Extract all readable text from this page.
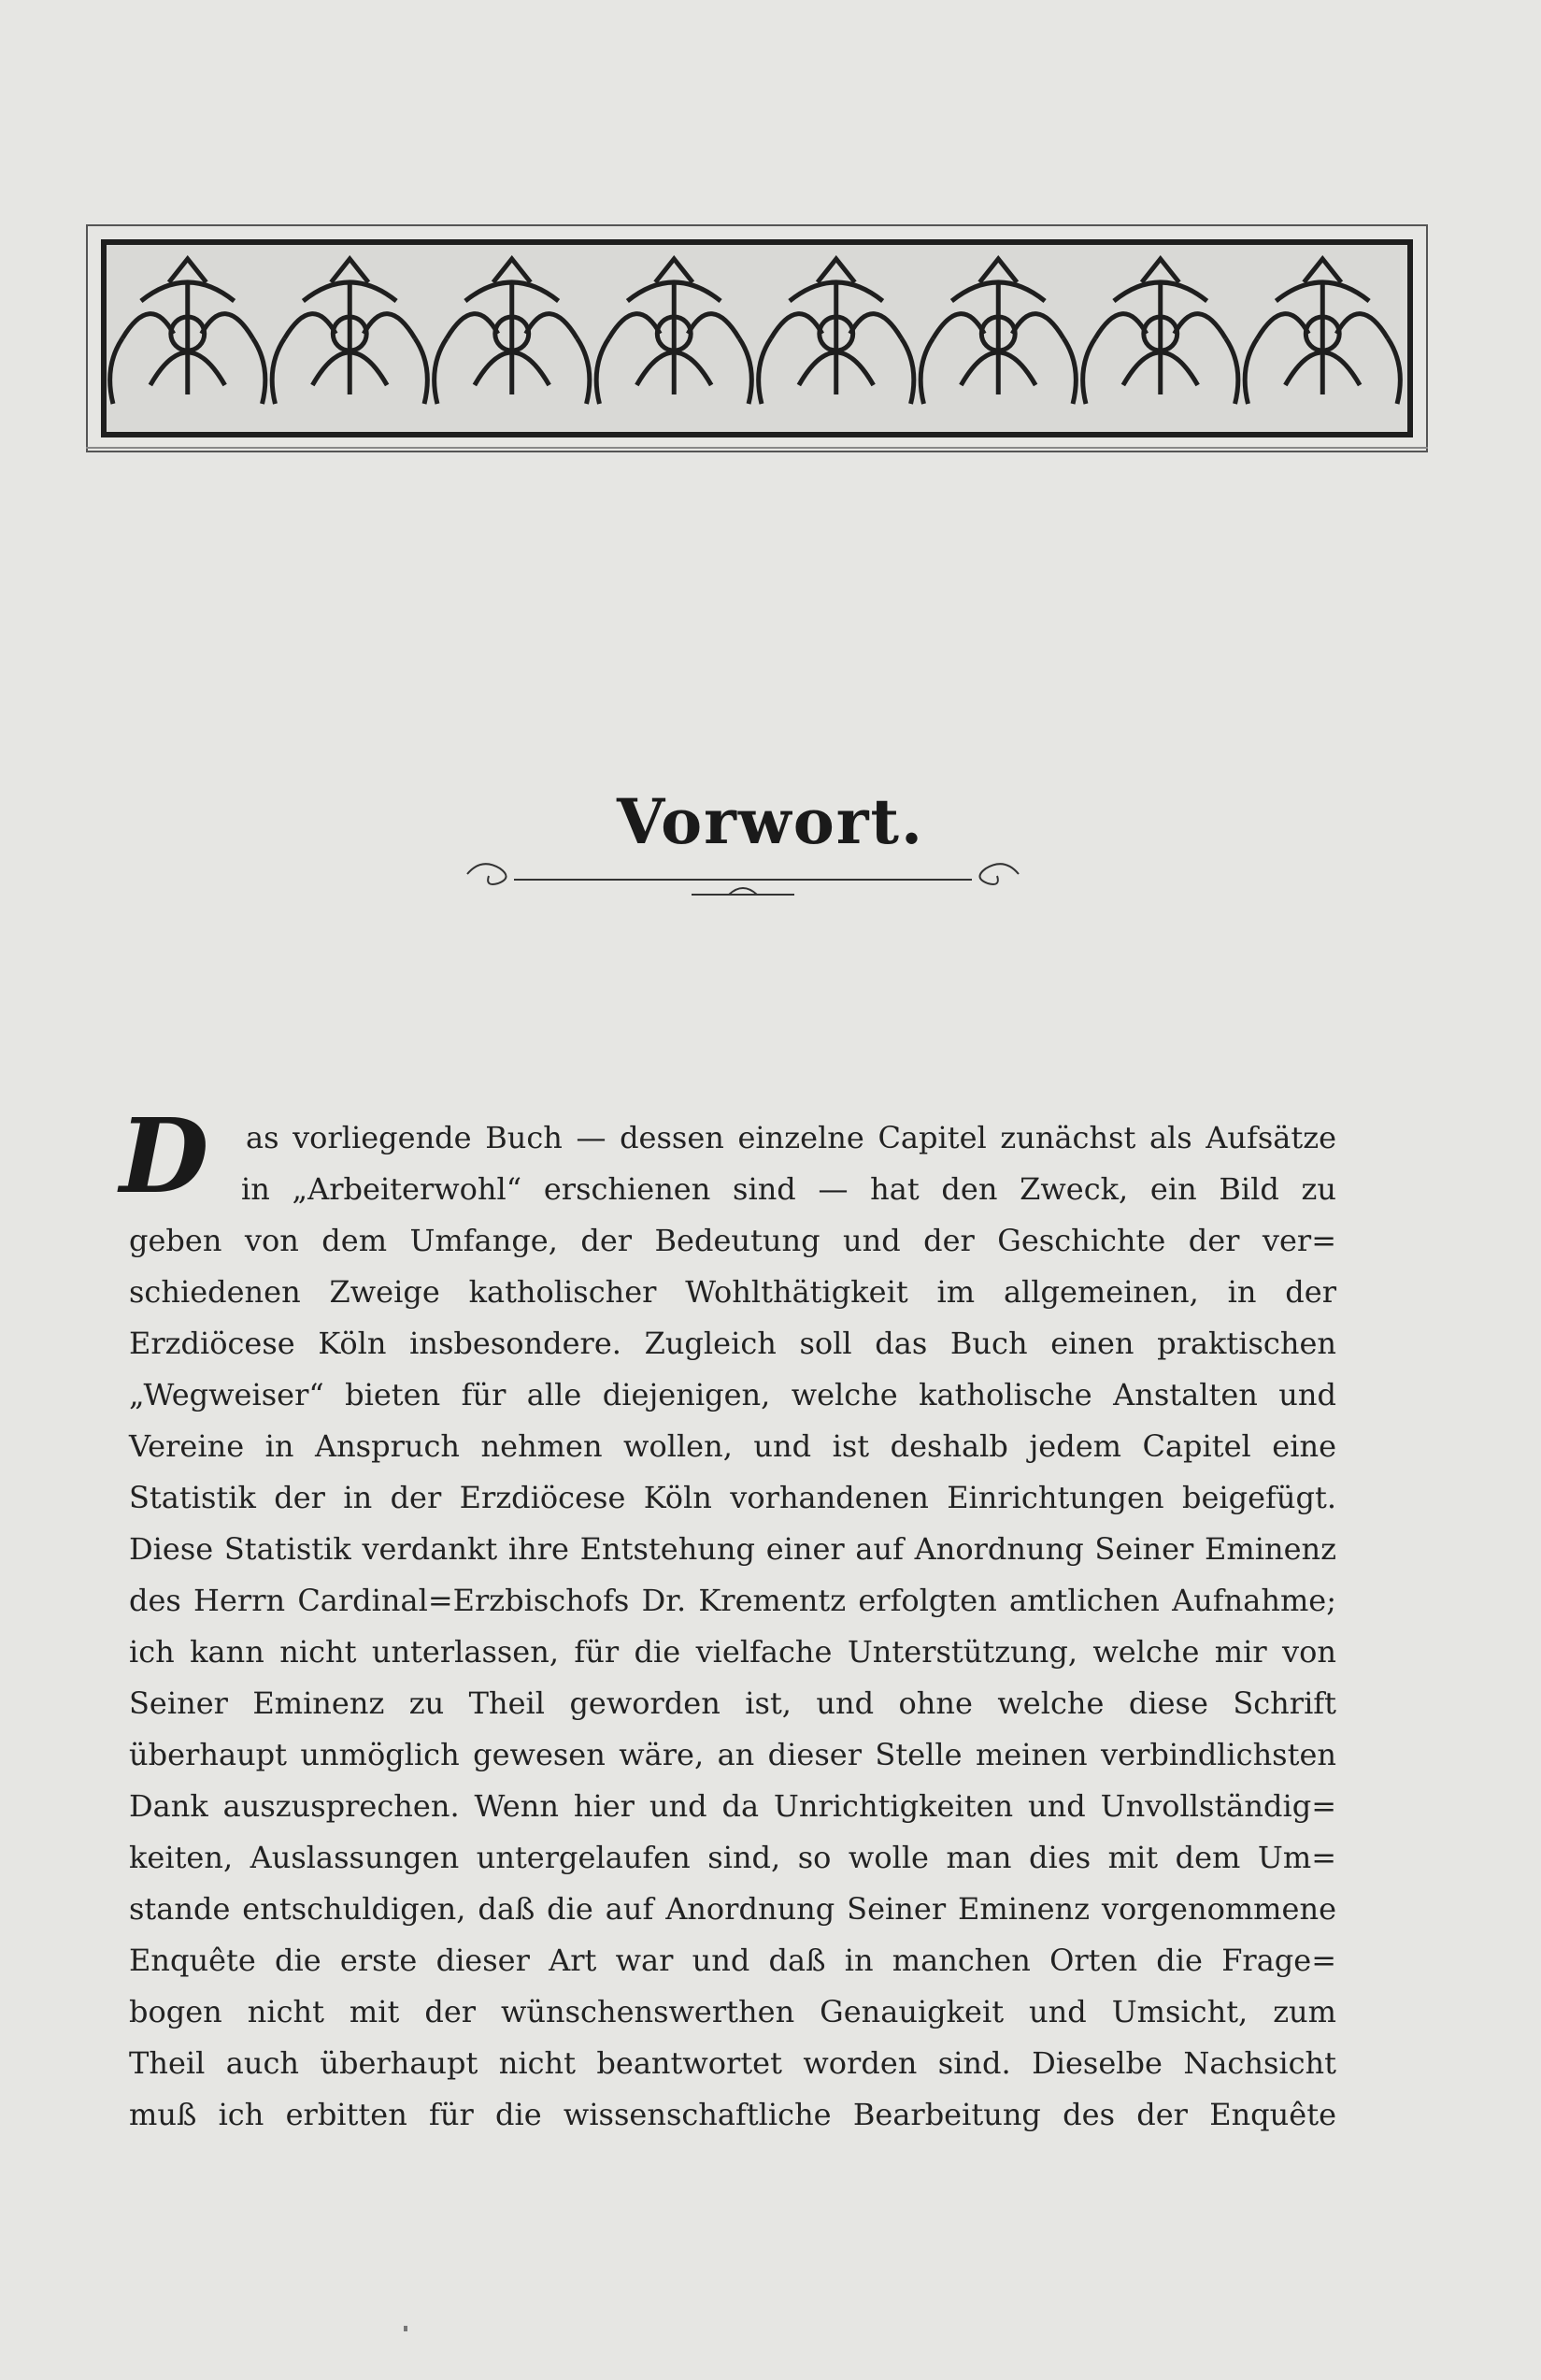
Vorwort.
D as vorliegende Buch — dessen einzelne Capitel zunächst als Aufsätze
in „Arbeiterwohl“ erschienen sind — hat den Zweck, ein Bild zu
geben von dem Umfange, der Bedeutung und der Geschichte der ver=
schiedenen Zweige katholischer Wohlthätigkeit im allgemeinen, in der
Erzdiöcese Köln insbesondere. Zugleich soll das Buch einen praktischen
„Wegweiser“ bieten für alle diejenigen, welche katholische Anstalten und
Vereine in Anspruch nehmen wollen, und ist deshalb jedem Capitel eine
Statistik der in der Erzdiöcese Köln vorhandenen Einrichtungen beigefügt.
Diese Statistik verdankt ihre Entstehung einer auf Anordnung Seiner Eminenz
des Herrn Cardinal=Erzbischofs Dr. Krementz erfolgten amtlichen Aufnahme;
ich kann nicht unterlassen, für die vielfache Unterstützung, welche mir von
Seiner Eminenz zu Theil geworden ist, und ohne welche diese Schrift
überhaupt unmöglich gewesen wäre, an dieser Stelle meinen verbindlichsten
Dank auszusprechen. Wenn hier und da Unrichtigkeiten und Unvollständig=
keiten, Auslassungen untergelaufen sind, so wolle man dies mit dem Um=
stande entschuldigen, daß die auf Anordnung Seiner Eminenz vorgenommene
Enquête die erste dieser Art war und daß in manchen Orten die Frage=
bogen nicht mit der wünschenswerthen Genauigkeit und Umsicht, zum
Theil auch überhaupt nicht beantwortet worden sind. Dieselbe Nachsicht
muß ich erbitten für die wissenschaftliche Bearbeitung des der Enquête
